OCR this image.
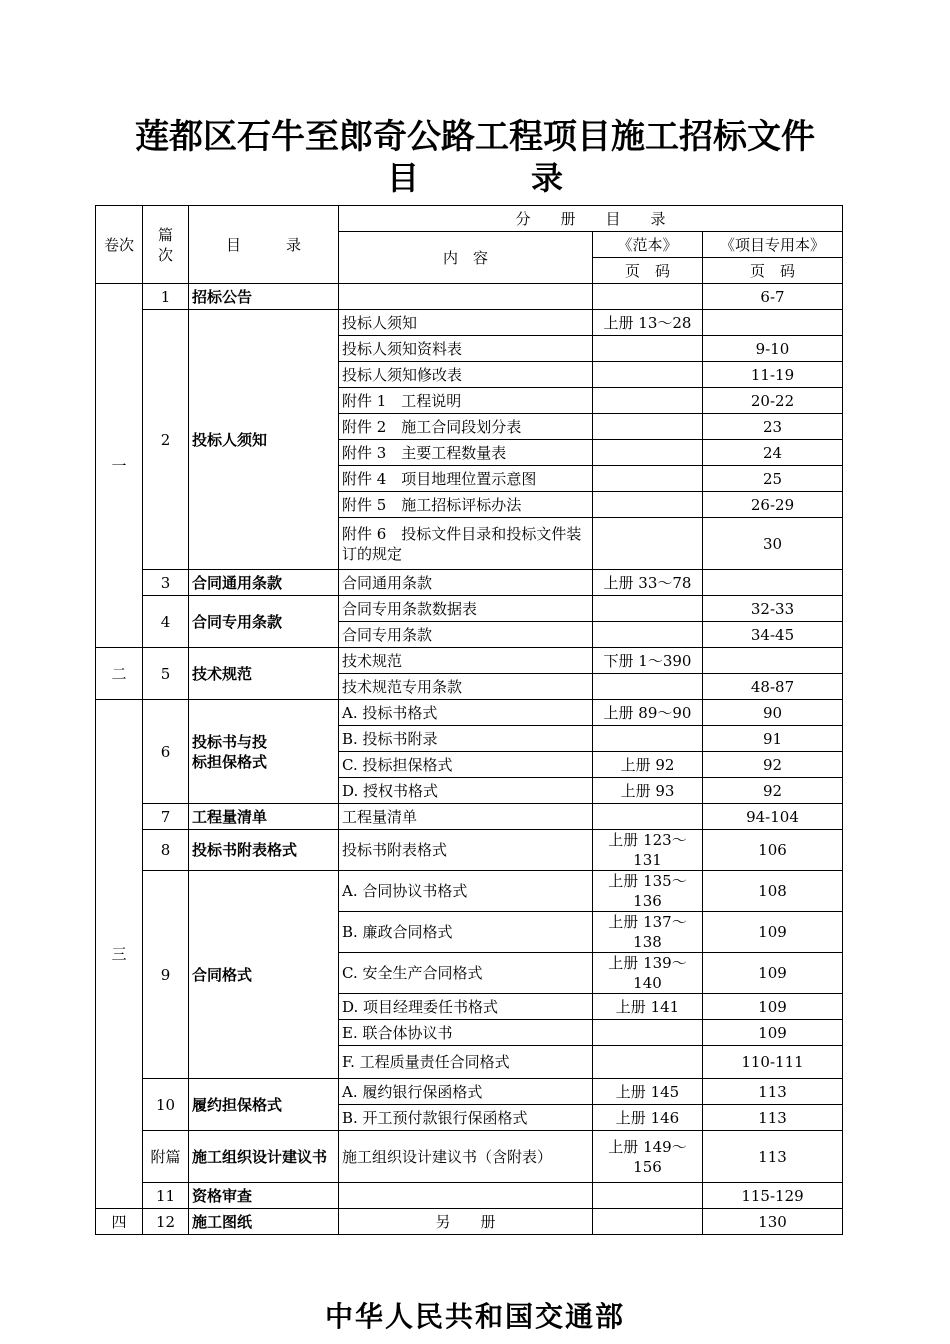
莲都区石牛至郎奇公路工程项目施工招标文件
目　录
卷次	篇次	目　　　录	分　　册　　目　　录		
			内　容	《范本》	《项目专用本》
				页　码	页　码
一	1	招标公告			6-7
	2	投标人须知	投标人须知	上册 13～28	
			投标人须知资料表		9-10
			投标人须知修改表		11-19
			附件 1　工程说明		20-22
			附件 2　施工合同段划分表		23
			附件 3　主要工程数量表		24
			附件 4　项目地理位置示意图		25
			附件 5　施工招标评标办法		26-29
			附件 6　投标文件目录和投标文件装订的规定		30
	3	合同通用条款	合同通用条款	上册 33～78	
	4	合同专用条款	合同专用条款数据表		32-33
			合同专用条款		34-45
二	5	技术规范	技术规范	下册 1～390	
			技术规范专用条款		48-87
三	6	投标书与投标担保格式	A. 投标书格式	上册 89～90	90
			B. 投标书附录		91
			C. 投标担保格式	上册 92	92
			D. 授权书格式	上册 93	92
	7	工程量清单	工程量清单		94-104
	8	投标书附表格式	投标书附表格式	上册 123～131	106
	9	合同格式	A. 合同协议书格式	上册 135～136	108
			B. 廉政合同格式	上册 137～138	109
			C. 安全生产合同格式	上册 139～140	109
			D. 项目经理委任书格式	上册 141	109
			E. 联合体协议书		109
			F. 工程质量责任合同格式		110-111
	10	履约担保格式	A. 履约银行保函格式	上册 145	113
			B. 开工预付款银行保函格式	上册 146	113
	附篇	施工组织设计建议书	施工组织设计建议书（含附表）	上册 149～156	113
	11	资格审查			115-129
四	12	施工图纸	另　　册		130
中华人民共和国交通部
